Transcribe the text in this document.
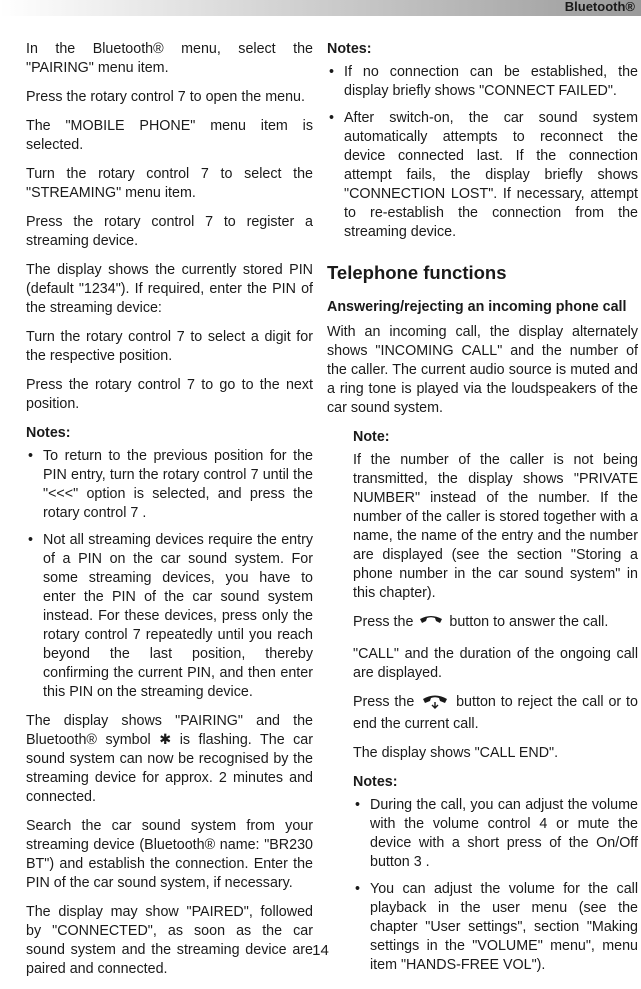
Bluetooth®

In the Bluetooth® menu, select the "PAIRING" menu item.

Press the rotary control 7 to open the menu.

The "MOBILE PHONE" menu item is selected.

Turn the rotary control 7 to select the "STREAMING" menu item.

Press the rotary control 7 to register a streaming device.

The display shows the currently stored PIN (default "1234"). If required, enter the PIN of the streaming device:

Turn the rotary control 7 to select a digit for the respective position.

Press the rotary control 7 to go to the next position.

Notes:

• To return to the previous position for the PIN entry, turn the rotary control 7 until the "<<<" option is selected, and press the rotary control 7 .
• Not all streaming devices require the entry of a PIN on the car sound system. For some streaming devices, you have to enter the PIN of the car sound system instead. For these devices, press only the rotary control 7 repeatedly until you reach beyond the last position, thereby confirming the current PIN, and then enter this PIN on the streaming device.

The display shows "PAIRING" and the Bluetooth® symbol ✱ is flashing. The car sound system can now be recognised by the streaming device for approx. 2 minutes and connected.

Search the car sound system from your streaming device (Bluetooth® name: "BR230 BT") and establish the connection. Enter the PIN of the car sound system, if necessary.

The display may show "PAIRED", followed by "CONNECTED", as soon as the car sound system and the streaming device are paired and connected.

Notes:

• If no connection can be established, the display briefly shows "CONNECT FAILED".
• After switch-on, the car sound system automatically attempts to reconnect the device connected last. If the connection attempt fails, the display briefly shows "CONNECTION LOST". If necessary, attempt to re-establish the connection from the streaming device.
Telephone functions
Answering/rejecting an incoming phone call

With an incoming call, the display alternately shows "INCOMING CALL" and the number of the caller. The current audio source is muted and a ring tone is played via the loudspeakers of the car sound system.

Note:

If the number of the caller is not being transmitted, the display shows "PRIVATE NUMBER" instead of the number. If the number of the caller is stored together with a name, the name of the entry and the number are displayed (see the section "Storing a phone number in the car sound system" in this chapter).

Press the	button to answer the call.

"CALL" and the duration of the ongoing call are displayed.

Press the	button to reject the call or to end the current call.

The display shows "CALL END".

Notes:

• During the call, you can adjust the volume with the volume control 4 or mute the device with a short press of the On/Off button 3 .
• You can adjust the volume for the call playback in the user menu (see the chapter "User settings", section "Making settings in the "VOLUME" menu", menu item "HANDS-FREE VOL").
14
